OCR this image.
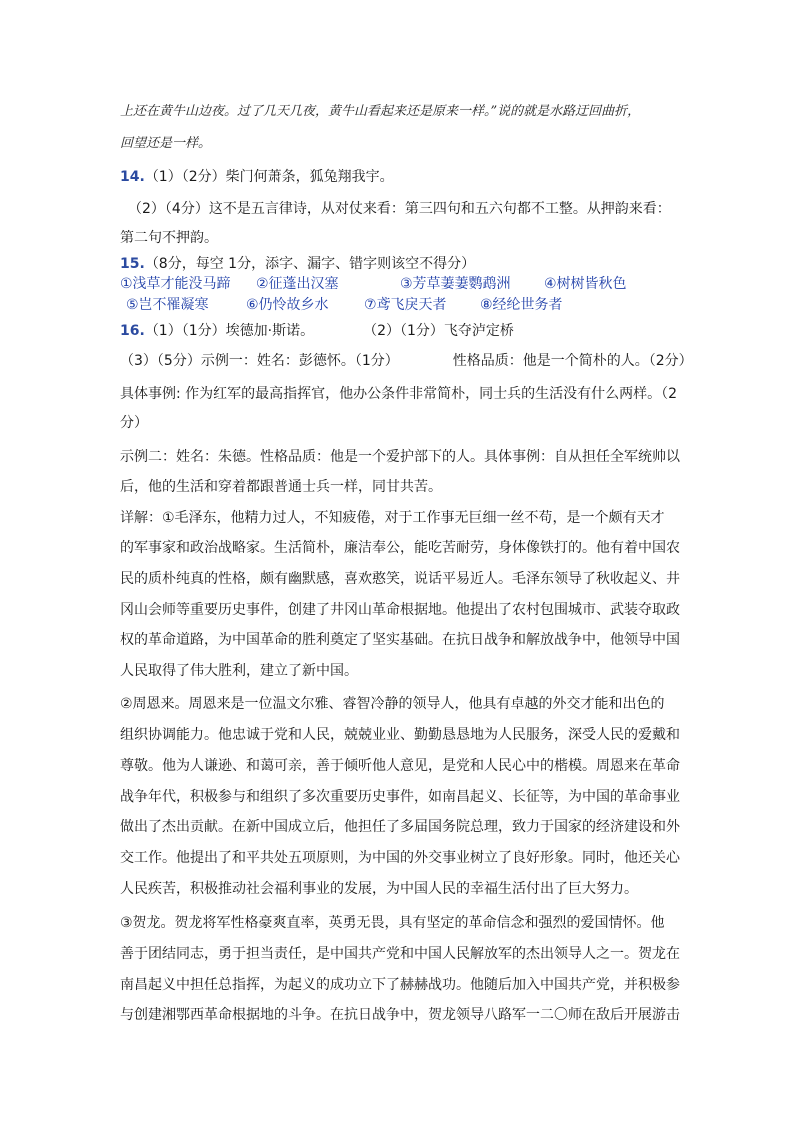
上还在黄牛山边夜。过了几天几夜，黄牛山看起来还是原来一样。”说的就是水路迂回曲折，
回望还是一样。
14.（1）（2分）柴门何萧条，狐兔翔我宇。
（2）（4分）这不是五言律诗，从对仗来看：第三四句和五六句都不工整。从押韵来看：
第二句不押韵。
15.（8分，每空 1分，添字、漏字、错字则该空不得分）
①浅草才能没马蹄	②征蓬出汉塞	③芳草萋萋鹦鹉洲	④树树皆秋色
⑤岂不罹凝寒	⑥仍怜故乡水	⑦鸢飞戾天者	⑧经纶世务者
16.（1）（1分）埃德加·斯诺。	（2）（1分）飞夺泸定桥
（3）（5分）示例一：姓名：彭德怀。（1分）	性格品质：他是一个简朴的人。（2分）
具体事例: 作为红军的最高指挥官，他办公条件非常简朴，同士兵的生活没有什么两样。（2
分）
示例二：姓名：朱德。性格品质：他是一个爱护部下的人。具体事例：自从担任全军统帅以
后，他的生活和穿着都跟普通士兵一样，同甘共苦。
详解：①毛泽东，他精力过人，不知疲倦，对于工作事无巨细一丝不苟，是一个颇有天才
的军事家和政治战略家。生活简朴，廉洁奉公，能吃苦耐劳，身体像铁打的。他有着中国农
民的质朴纯真的性格，颇有幽默感，喜欢憨笑，说话平易近人。毛泽东领导了秋收起义、井
冈山会师等重要历史事件，创建了井冈山革命根据地。他提出了农村包围城市、武装夺取政
权的革命道路，为中国革命的胜利奠定了坚实基础。在抗日战争和解放战争中，他领导中国
人民取得了伟大胜利，建立了新中国。
②周恩来。周恩来是一位温文尔雅、睿智冷静的领导人，他具有卓越的外交才能和出色的
组织协调能力。他忠诚于党和人民，兢兢业业、勤勤恳恳地为人民服务，深受人民的爱戴和
尊敬。他为人谦逊、和蔼可亲，善于倾听他人意见，是党和人民心中的楷模。周恩来在革命
战争年代，积极参与和组织了多次重要历史事件，如南昌起义、长征等，为中国的革命事业
做出了杰出贡献。在新中国成立后，他担任了多届国务院总理，致力于国家的经济建设和外
交工作。他提出了和平共处五项原则，为中国的外交事业树立了良好形象。同时，他还关心
人民疾苦，积极推动社会福利事业的发展，为中国人民的幸福生活付出了巨大努力。
③贺龙。贺龙将军性格豪爽直率，英勇无畏，具有坚定的革命信念和强烈的爱国情怀。他
善于团结同志，勇于担当责任，是中国共产党和中国人民解放军的杰出领导人之一。贺龙在
南昌起义中担任总指挥，为起义的成功立下了赫赫战功。他随后加入中国共产党，并积极参
与创建湘鄂西革命根据地的斗争。在抗日战争中，贺龙领导八路军一二〇师在敌后开展游击
